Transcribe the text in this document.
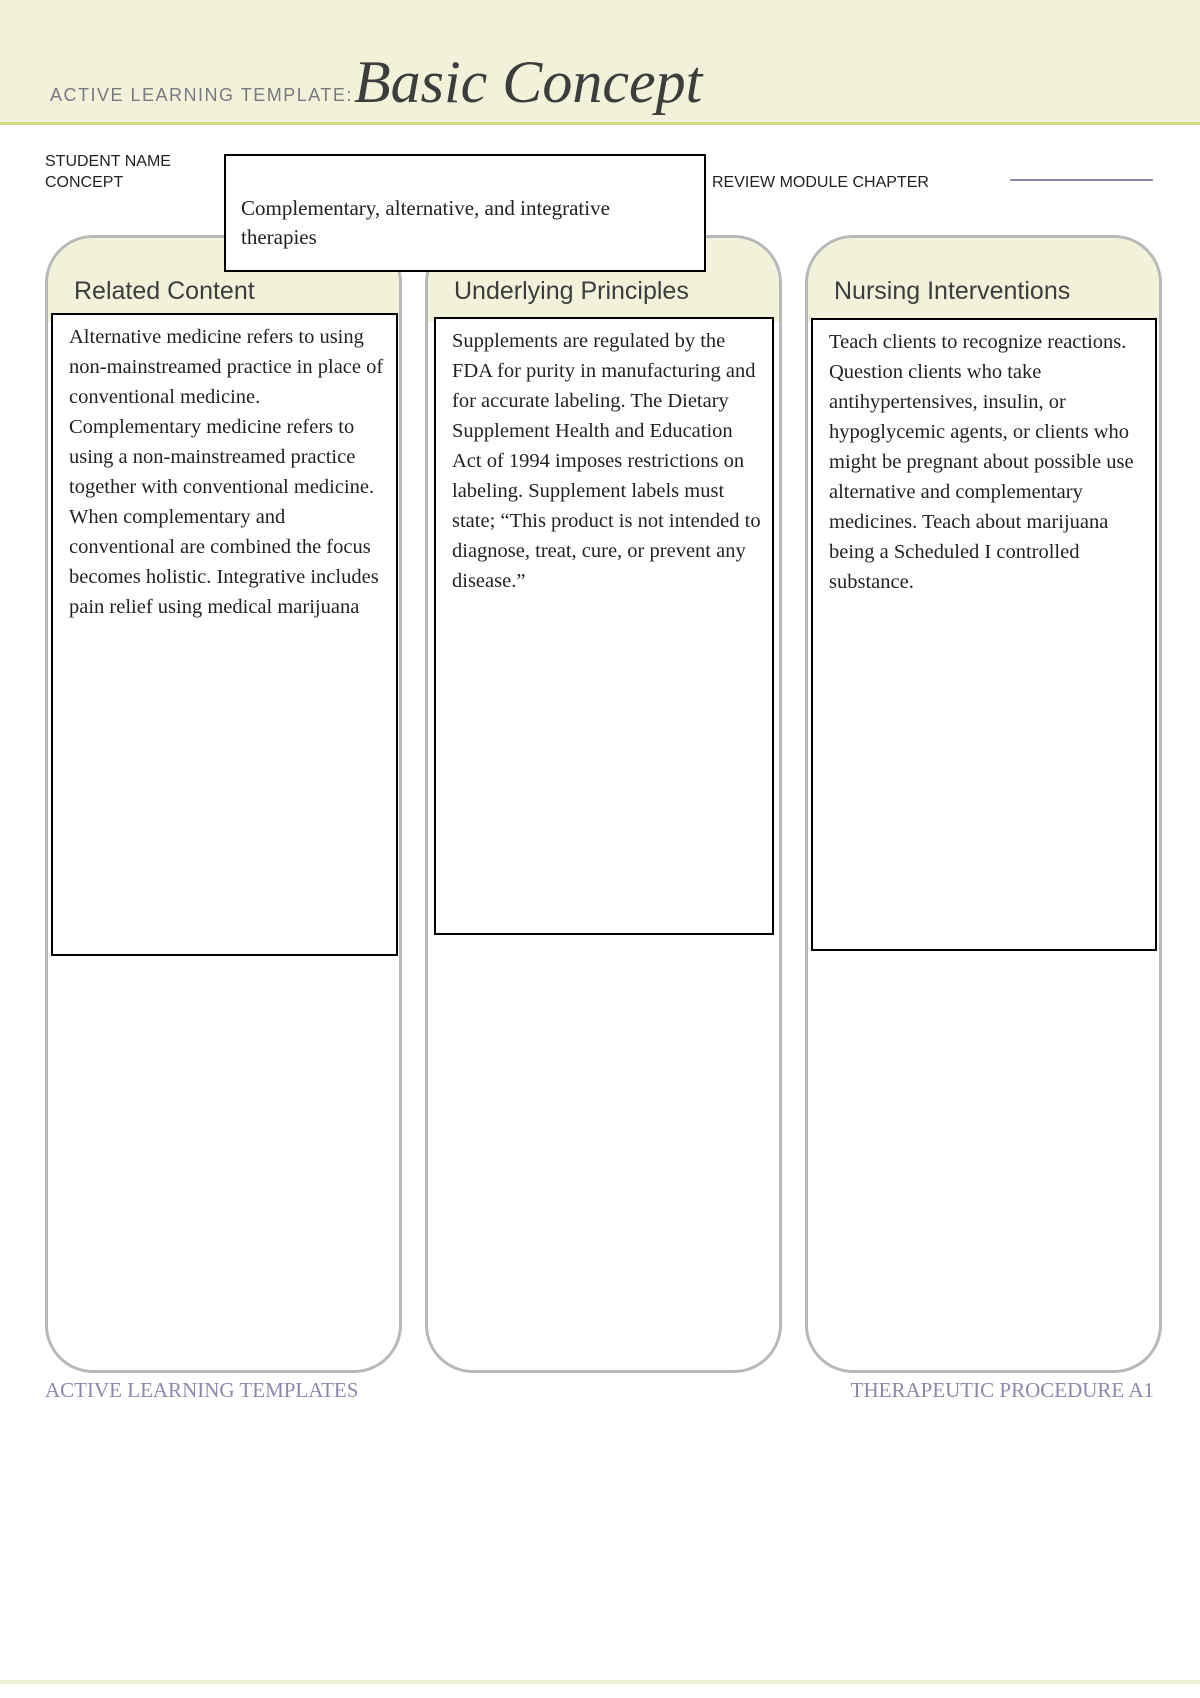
ACTIVE LEARNING TEMPLATE: Basic Concept
STUDENT NAME
CONCEPT	REVIEW MODULE CHAPTER
Complementary, alternative, and integrative therapies
Related Content
Alternative medicine refers to using non-mainstreamed practice in place of conventional medicine. Complementary medicine refers to using a non-mainstreamed practice together with conventional medicine. When complementary and conventional are combined the focus becomes holistic. Integrative includes pain relief using medical marijuana
Underlying Principles
Supplements are regulated by the FDA for purity in manufacturing and for accurate labeling. The Dietary Supplement Health and Education Act of 1994 imposes restrictions on labeling. Supplement labels must state; “This product is not intended to diagnose, treat, cure, or prevent any disease.”
Nursing Interventions
Teach clients to recognize reactions. Question clients who take antihypertensives, insulin, or hypoglycemic agents, or clients who might be pregnant about possible use alternative and complementary medicines. Teach about marijuana being a Scheduled I controlled substance.
ACTIVE LEARNING TEMPLATES	THERAPEUTIC PROCEDURE A1
